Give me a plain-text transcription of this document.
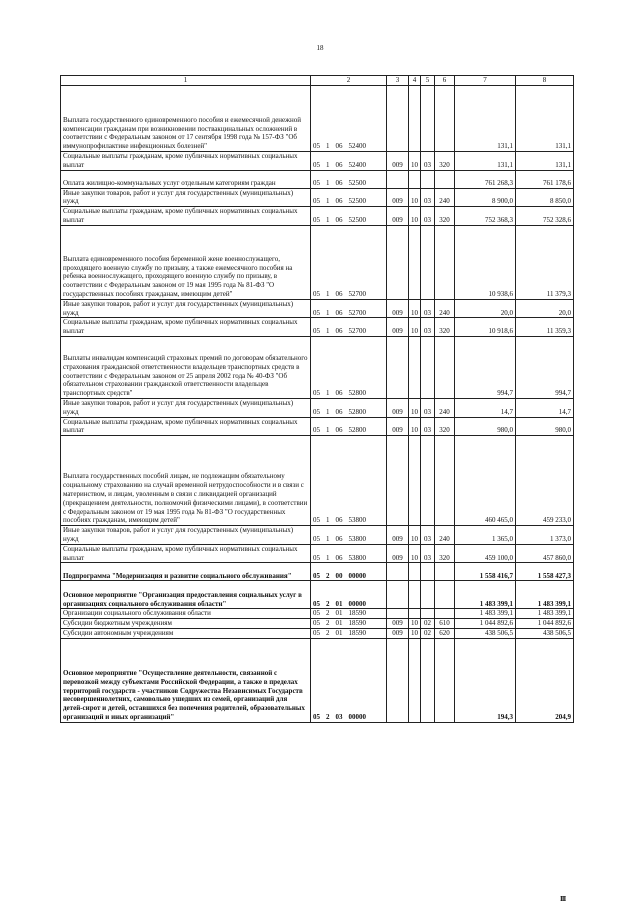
18
1	2	3	4	5	6	7	8
Выплата государственного единовременного пособия и ежемесячной денежной компенсации гражданам при возникновении поствакцинальных осложнений в соответствии с Федеральным законом от 17 сентября 1998 года № 157-ФЗ "Об иммунопрофилактике инфекционных болезней"	05 1 06 52400					131,1	131,1
Социальные выплаты гражданам, кроме публичных нормативных социальных выплат	05 1 06 52400	009	10	03	320	131,1	131,1
Оплата жилищно-коммунальных услуг отдельным категориям граждан	05 1 06 52500					761 268,3	761 178,6
Иные закупки товаров, работ и услуг для государственных (муниципальных) нужд	05 1 06 52500	009	10	03	240	8 900,0	8 850,0
Социальные выплаты гражданам, кроме публичных нормативных социальных выплат	05 1 06 52500	009	10	03	320	752 368,3	752 328,6
Выплата единовременного пособия беременной жене военнослужащего, проходящего военную службу по призыву, а также ежемесячного пособия на ребенка военнослужащего, проходящего военную службу по призыву, в соответствии с Федеральным законом от 19 мая 1995 года № 81-ФЗ "О государственных пособиях гражданам, имеющим детей"	05 1 06 52700					10 938,6	11 379,3
Иные закупки товаров, работ и услуг для государственных (муниципальных) нужд	05 1 06 52700	009	10	03	240	20,0	20,0
Социальные выплаты гражданам, кроме публичных нормативных социальных выплат	05 1 06 52700	009	10	03	320	10 918,6	11 359,3
Выплаты инвалидам компенсаций страховых премий по договорам обязательного страхования гражданской ответственности владельцев транспортных средств в соответствии с Федеральным законом от 25 апреля 2002 года № 40-ФЗ "Об обязательном страховании гражданской ответственности владельцев транспортных средств"	05 1 06 52800					994,7	994,7
Иные закупки товаров, работ и услуг для государственных (муниципальных) нужд	05 1 06 52800	009	10	03	240	14,7	14,7
Социальные выплаты гражданам, кроме публичных нормативных социальных выплат	05 1 06 52800	009	10	03	320	980,0	980,0
Выплата государственных пособий лицам, не подлежащим обязательному социальному страхованию на случай временной нетрудоспособности и в связи с материнством, и лицам, уволенным в связи с ликвидацией организаций (прекращением деятельности, полномочий физическими лицами), в соответствии с Федеральным законом от 19 мая 1995 года № 81-ФЗ "О государственных пособиях гражданам, имеющим детей"	05 1 06 53800					460 465,0	459 233,0
Иные закупки товаров, работ и услуг для государственных (муниципальных) нужд	05 1 06 53800	009	10	03	240	1 365,0	1 373,0
Социальные выплаты гражданам, кроме публичных нормативных социальных выплат	05 1 06 53800	009	10	03	320	459 100,0	457 860,0
Подпрограмма "Модернизация и развитие социального обслуживания"	05 2 00 00000					1 558 416,7	1 558 427,3
Основное мероприятие "Организация предоставления социальных услуг в организациях социального обслуживания области"	05 2 01 00000					1 483 399,1	1 483 399,1
Организации социального обслуживания области	05 2 01 18590					1 483 399,1	1 483 399,1
Субсидии бюджетным учреждениям	05 2 01 18590	009	10	02	610	1 044 892,6	1 044 892,6
Субсидии автономным учреждениям	05 2 01 18590	009	10	02	620	438 506,5	438 506,5
Основное мероприятие "Осуществление деятельности, связанной с перевозкой между субъектами Российской Федерации, а также в пределах территорий государств - участников Содружества Независимых Государств несовершеннолетних, самовольно ушедших из семей, организаций для детей-сирот и детей, оставшихся без попечения родителей, образовательных организаций и иных организаций"	05 2 03 00000					194,3	204,9
III
